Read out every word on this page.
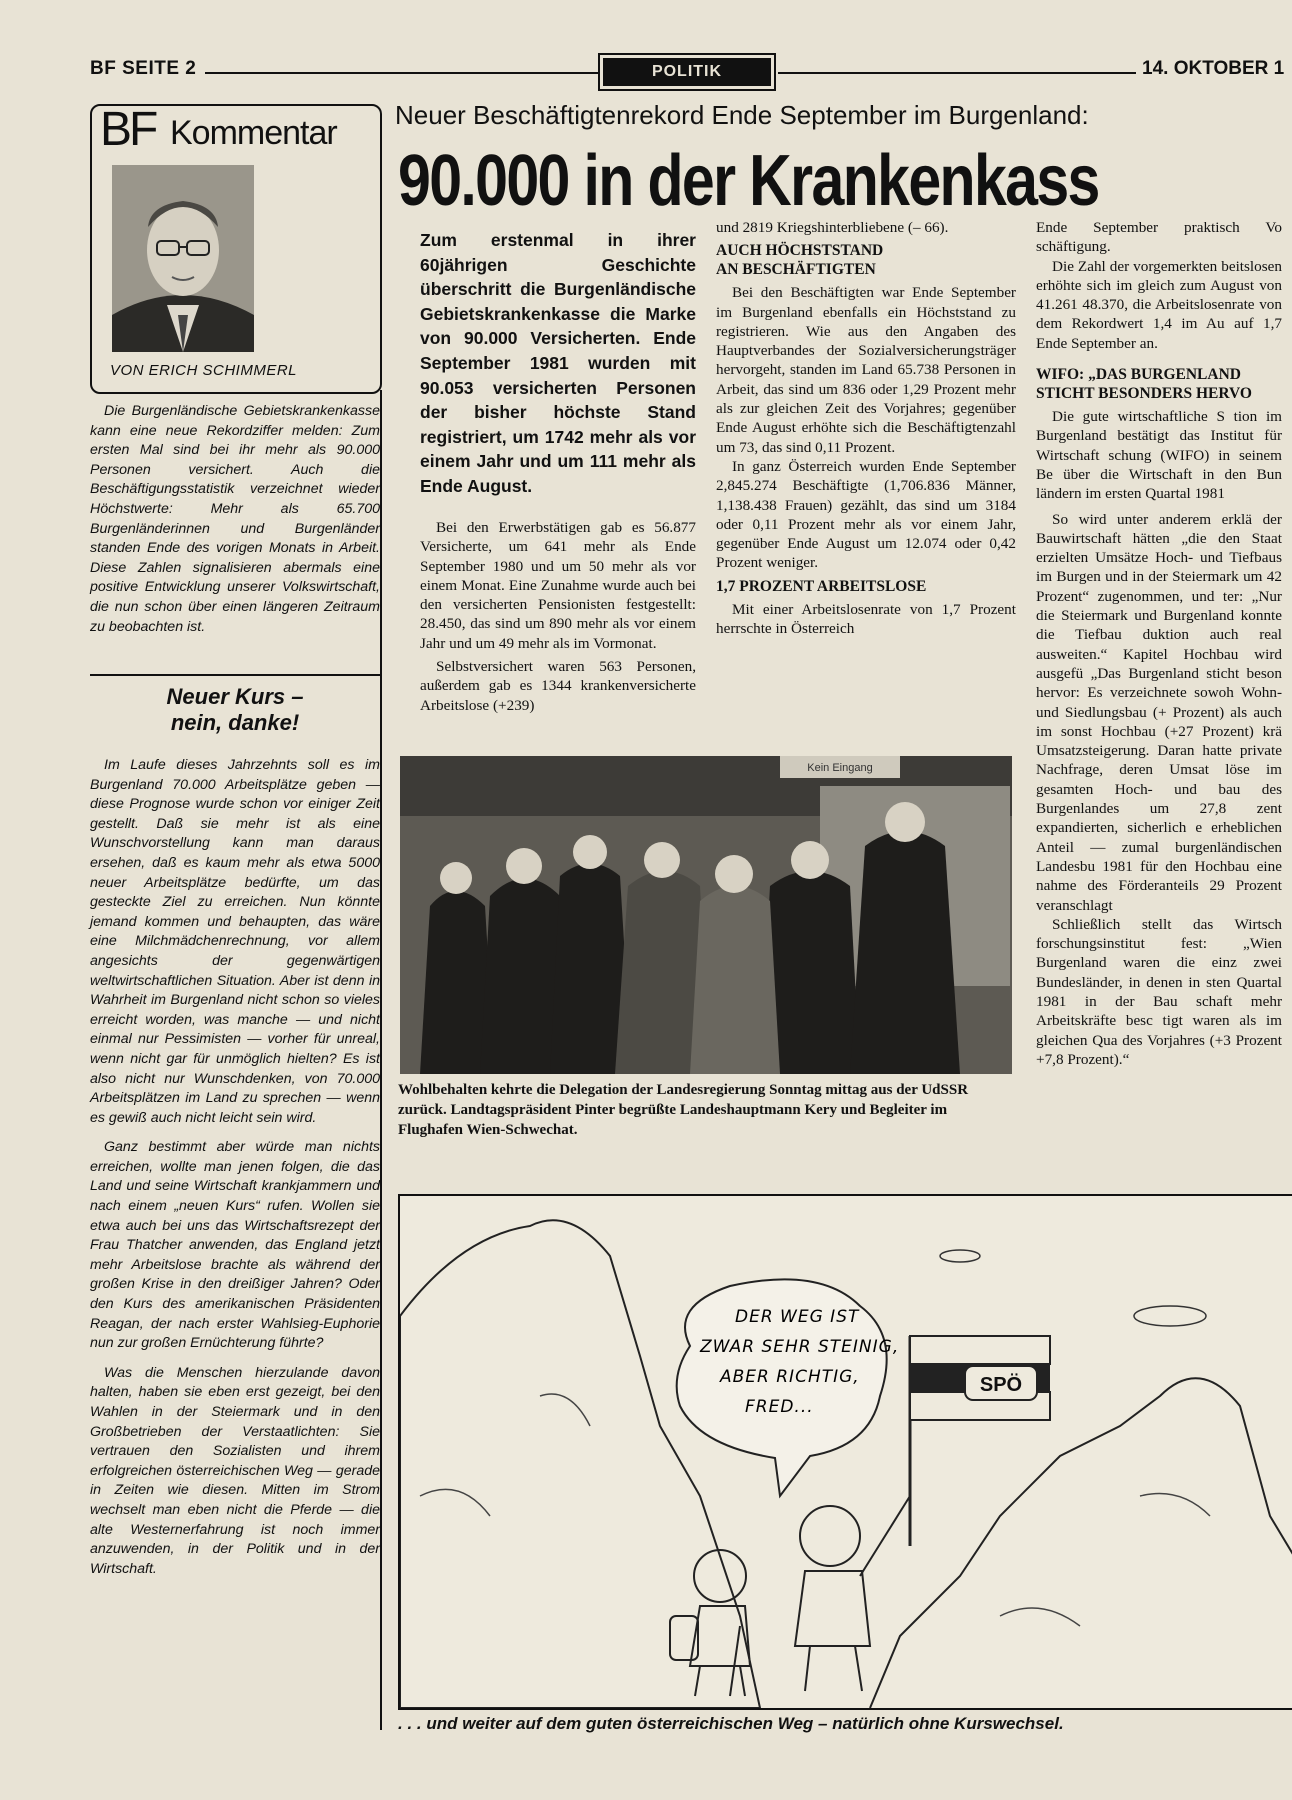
BF SEITE 2	POLITIK	14. OKTOBER 1
BF Kommentar
VON ERICH SCHIMMERL

Die Burgenländische Gebietskrankenkasse kann eine neue Rekordziffer melden: Zum ersten Mal sind bei ihr mehr als 90.000 Personen versichert. Auch die Beschäftigungsstatistik verzeichnet wieder Höchstwerte: Mehr als 65.700 Burgenländerinnen und Burgenländer standen Ende des vorigen Monats in Arbeit. Diese Zahlen signalisieren abermals eine positive Entwicklung unserer Volkswirtschaft, die nun schon über einen längeren Zeitraum zu beobachten ist.

Neuer Kurs –
nein, danke!

Im Laufe dieses Jahrzehnts soll es im Burgenland 70.000 Arbeitsplätze geben — diese Prognose wurde schon vor einiger Zeit gestellt. Daß sie mehr ist als eine Wunschvorstellung kann man daraus ersehen, daß es kaum mehr als etwa 5000 neuer Arbeitsplätze bedürfte, um das gesteckte Ziel zu erreichen. Nun könnte jemand kommen und behaupten, das wäre eine Milchmädchenrechnung, vor allem angesichts der gegenwärtigen weltwirtschaftlichen Situation. Aber ist denn in Wahrheit im Burgenland nicht schon so vieles erreicht worden, was manche — und nicht einmal nur Pessimisten — vorher für unreal, wenn nicht gar für unmöglich hielten? Es ist also nicht nur Wunschdenken, von 70.000 Arbeitsplätzen im Land zu sprechen — wenn es gewiß auch nicht leicht sein wird.

Ganz bestimmt aber würde man nichts erreichen, wollte man jenen folgen, die das Land und seine Wirtschaft krankjammern und nach einem „neuen Kurs“ rufen. Wollen sie etwa auch bei uns das Wirtschaftsrezept der Frau Thatcher anwenden, das England jetzt mehr Arbeitslose brachte als während der großen Krise in den dreißiger Jahren? Oder den Kurs des amerikanischen Präsidenten Reagan, der nach erster Wahlsieg-Euphorie nun zur großen Ernüchterung führte?

Was die Menschen hierzulande davon halten, haben sie eben erst gezeigt, bei den Wahlen in der Steiermark und in den Großbetrieben der Verstaatlichten: Sie vertrauen den Sozialisten und ihrem erfolgreichen österreichischen Weg — gerade in Zeiten wie diesen. Mitten im Strom wechselt man eben nicht die Pferde — die alte Westernerfahrung ist noch immer anzuwenden, in der Politik und in der Wirtschaft.

Neuer Beschäftigtenrekord Ende September im Burgenland:
90.000 in der Krankenkass
Zum erstenmal in ihrer 60jährigen Geschichte überschritt die Burgenländische Gebietskrankenkasse die Marke von 90.000 Versicherten. Ende September 1981 wurden mit 90.053 versicherten Personen der bisher höchste Stand registriert, um 1742 mehr als vor einem Jahr und um 111 mehr als Ende August.

Bei den Erwerbstätigen gab es 56.877 Versicherte, um 641 mehr als Ende September 1980 und um 50 mehr als vor einem Monat. Eine Zunahme wurde auch bei den versicherten Pensionisten festgestellt: 28.450, das sind um 890 mehr als vor einem Jahr und um 49 mehr als im Vormonat.

Selbstversichert waren 563 Personen, außerdem gab es 1344 krankenversicherte Arbeitslose (+239)

und 2819 Kriegshinterbliebene (– 66).

AUCH HÖCHSTSTAND
AN BESCHÄFTIGTEN

Bei den Beschäftigten war Ende September im Burgenland ebenfalls ein Höchststand zu registrieren. Wie aus den Angaben des Hauptverbandes der Sozialversicherungsträger hervorgeht, standen im Land 65.738 Personen in Arbeit, das sind um 836 oder 1,29 Prozent mehr als zur gleichen Zeit des Vorjahres; gegenüber Ende August erhöhte sich die Beschäftigtenzahl um 73, das sind 0,11 Prozent.

In ganz Österreich wurden Ende September 2,845.274 Beschäftigte (1,706.836 Männer, 1,138.438 Frauen) gezählt, das sind um 3184 oder 0,11 Prozent mehr als vor einem Jahr, gegenüber Ende August um 12.074 oder 0,42 Prozent weniger.

1,7 PROZENT ARBEITSLOSE

Mit einer Arbeitslosenrate von 1,7 Prozent herrschte in Österreich

Ende September praktisch Vo schäftigung.

Die Zahl der vorgemerkten beitslosen erhöhte sich im gleich zum August von 41.261 48.370, die Arbeitslosenrate von dem Rekordwert 1,4 im Au auf 1,7 Ende September an.

WIFO: „DAS BURGENLAND
STICHT BESONDERS HERVO

Die gute wirtschaftliche S tion im Burgenland bestätigt das Institut für Wirtschaft schung (WIFO) in seinem Be über die Wirtschaft in den Bun ländern im ersten Quartal 1981

So wird unter anderem erklä der Bauwirtschaft hätten „die den Staat erzielten Umsätze Hoch- und Tiefbaus im Burgen und in der Steiermark um 42 Prozent“ zugenommen, und ter: „Nur die Steiermark und Burgenland konnte die Tiefbau duktion auch real ausweiten.“ Kapitel Hochbau wird ausgefü „Das Burgenland sticht beson hervor: Es verzeichnete sowoh Wohn- und Siedlungsbau (+ Prozent) als auch im sonst Hochbau (+27 Prozent) krä Umsatzsteigerung. Daran hatte private Nachfrage, deren Umsat löse im gesamten Hoch- und bau des Burgenlandes um 27,8 zent expandierten, sicherlich e erheblichen Anteil — zumal burgenländischen Landesbu 1981 für den Hochbau eine nahme des Förderanteils 29 Prozent veranschlagt

Schließlich stellt das Wirtsch forschungsinstitut fest: „Wien Burgenland waren die einz zwei Bundesländer, in denen in sten Quartal 1981 in der Bau schaft mehr Arbeitskräfte besc tigt waren als im gleichen Qua des Vorjahres (+3 Prozent +7,8 Prozent).“

Kein Eingang
Wohlbehalten kehrte die Delegation der Landesregierung Sonntag mittag aus der UdSSR zurück. Landtagspräsident Pinter begrüßte Landeshauptmann Kery und Begleiter im Flughafen Wien-Schwechat.
SPÖ
DER WEG IST
ZWAR SEHR STEINIG,
ABER RICHTIG,
FRED...
. . . und weiter auf dem guten österreichischen Weg – natürlich ohne Kurswechsel.
